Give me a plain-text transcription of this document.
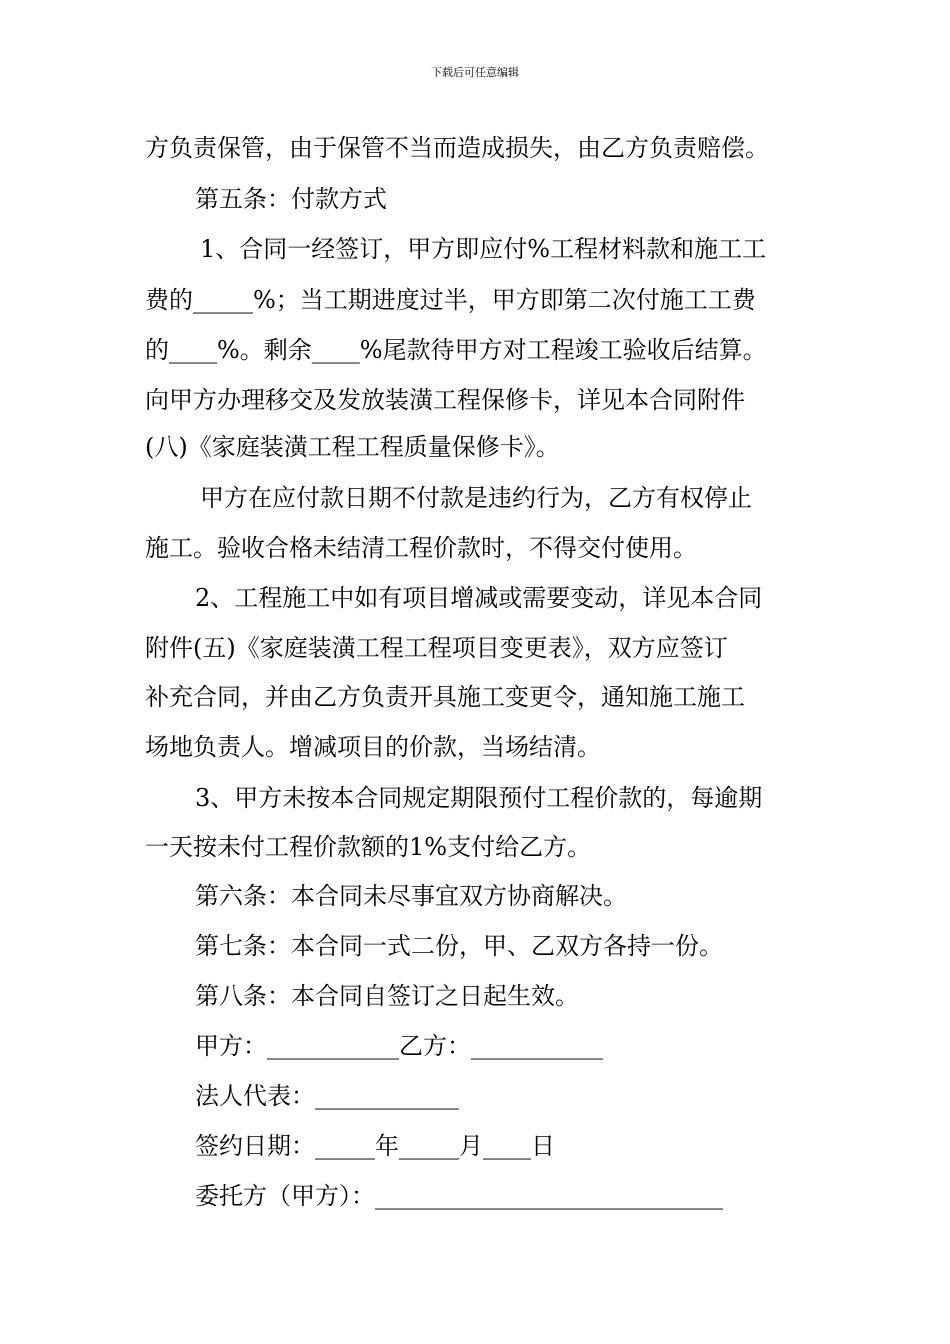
下载后可任意编辑
方负责保管，由于保管不当而造成损失，由乙方负责赔偿。
第五条：付款方式
1、合同一经签订，甲方即应付%工程材料款和施工工
费的_____%；当工期进度过半，甲方即第二次付施工工费
的____%。剩余____%尾款待甲方对工程竣工验收后结算。
向甲方办理移交及发放装潢工程保修卡，详见本合同附件
(八)《家庭装潢工程工程质量保修卡》。
甲方在应付款日期不付款是违约行为，乙方有权停止
施工。验收合格未结清工程价款时，不得交付使用。
2、工程施工中如有项目增减或需要变动，详见本合同
附件(五)《家庭装潢工程工程项目变更表》，双方应签订
补充合同，并由乙方负责开具施工变更令，通知施工施工
场地负责人。增减项目的价款，当场结清。
3、甲方未按本合同规定期限预付工程价款的，每逾期
一天按未付工程价款额的1%支付给乙方。
第六条：本合同未尽事宜双方协商解决。
第七条：本合同一式二份，甲、乙双方各持一份。
第八条：本合同自签订之日起生效。
甲方：___________乙方：___________
法人代表：____________
签约日期：_____年_____月____日
委托方（甲方）：_____________________________
